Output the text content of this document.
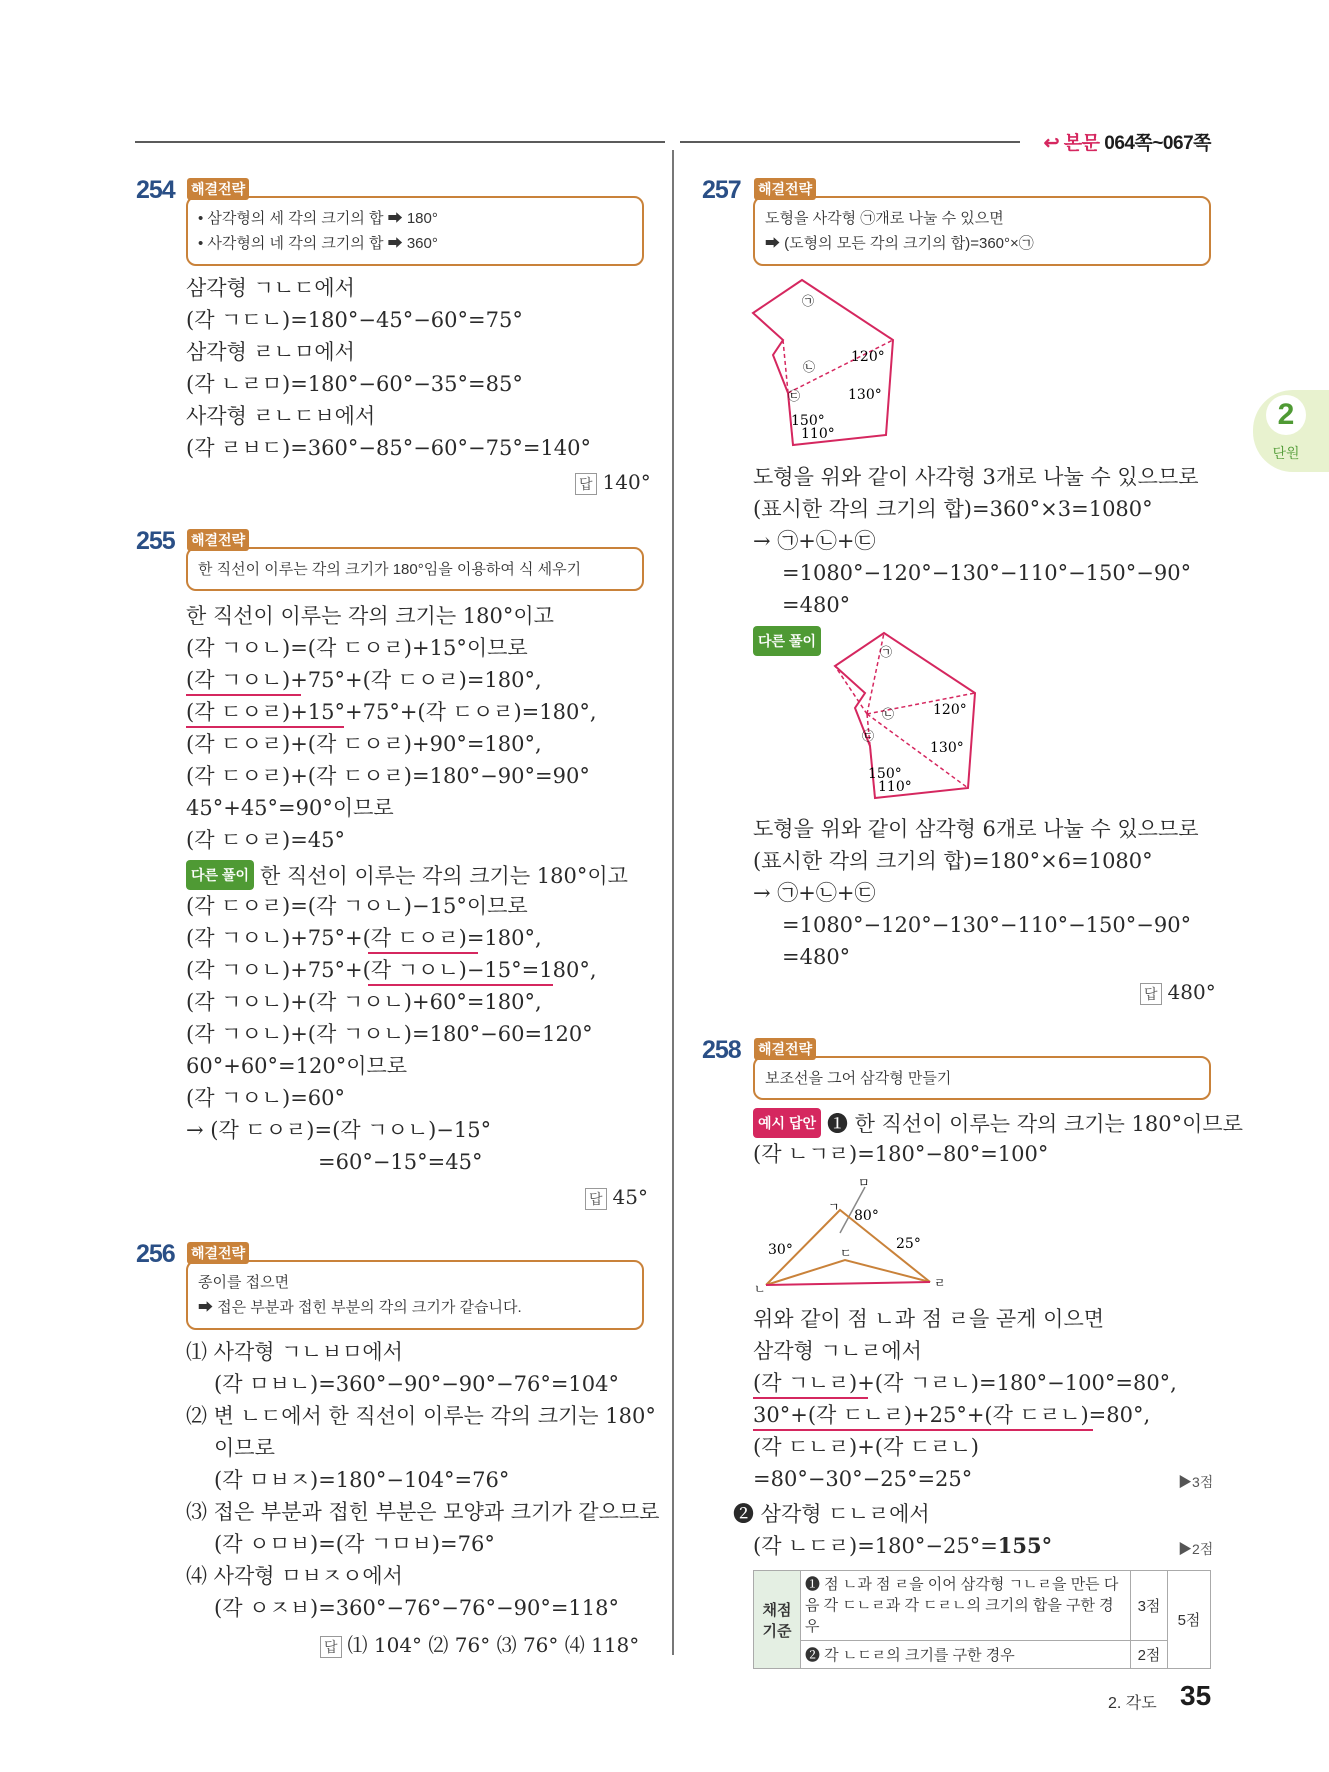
↩ 본문 064쪽~067쪽
2
단원
254 해결전략
• 삼각형의 세 각의 크기의 합 ➡ 180°
• 사각형의 네 각의 크기의 합 ➡ 360°
삼각형 ㄱㄴㄷ에서
(각 ㄱㄷㄴ)=180°−45°−60°=75°
삼각형 ㄹㄴㅁ에서
(각 ㄴㄹㅁ)=180°−60°−35°=85°
사각형 ㄹㄴㄷㅂ에서
(각 ㄹㅂㄷ)=360°−85°−60°−75°=140°
답 140°
255 해결전략
한 직선이 이루는 각의 크기가 180°임을 이용하여 식 세우기
한 직선이 이루는 각의 크기는 180°이고
(각 ㄱㅇㄴ)=(각 ㄷㅇㄹ)+15°이므로
(각 ㄱㅇㄴ)+75°+(각 ㄷㅇㄹ)=180°,
(각 ㄷㅇㄹ)+15°+75°+(각 ㄷㅇㄹ)=180°,
(각 ㄷㅇㄹ)+(각 ㄷㅇㄹ)+90°=180°,
(각 ㄷㅇㄹ)+(각 ㄷㅇㄹ)=180°−90°=90°
45°+45°=90°이므로
(각 ㄷㅇㄹ)=45°
다른 풀이 한 직선이 이루는 각의 크기는 180°이고
(각 ㄷㅇㄹ)=(각 ㄱㅇㄴ)−15°이므로
(각 ㄱㅇㄴ)+75°+(각 ㄷㅇㄹ)=180°,
(각 ㄱㅇㄴ)+75°+(각 ㄱㅇㄴ)−15°=180°,
(각 ㄱㅇㄴ)+(각 ㄱㅇㄴ)+60°=180°,
(각 ㄱㅇㄴ)+(각 ㄱㅇㄴ)=180°−60=120°
60°+60°=120°이므로
(각 ㄱㅇㄴ)=60°
→ (각 ㄷㅇㄹ)=(각 ㄱㅇㄴ)−15°
=60°−15°=45°
답 45°
256 해결전략
종이를 접으면
➡ 접은 부분과 접힌 부분의 각의 크기가 같습니다.
⑴ 사각형 ㄱㄴㅂㅁ에서
(각 ㅁㅂㄴ)=360°−90°−90°−76°=104°
⑵ 변 ㄴㄷ에서 한 직선이 이루는 각의 크기는 180°
이므로
(각 ㅁㅂㅈ)=180°−104°=76°
⑶ 접은 부분과 접힌 부분은 모양과 크기가 같으므로
(각 ㅇㅁㅂ)=(각 ㄱㅁㅂ)=76°
⑷ 사각형 ㅁㅂㅈㅇ에서
(각 ㅇㅈㅂ)=360°−76°−76°−90°=118°
답 ⑴ 104° ⑵ 76° ⑶ 76° ⑷ 118°
257 해결전략
도형을 사각형 ㉠개로 나눌 수 있으면
➡ (도형의 모든 각의 크기의 합)=360°×㉠
㉠
㉡
㉢
120°
130°
150°
110°
도형을 위와 같이 사각형 3개로 나눌 수 있으므로
(표시한 각의 크기의 합)=360°×3=1080°
→ ㉠+㉡+㉢
=1080°−120°−130°−110°−150°−90°
=480°
다른 풀이
㉠
㉡
㉢
120°
130°
150°
110°
도형을 위와 같이 삼각형 6개로 나눌 수 있으므로
(표시한 각의 크기의 합)=180°×6=1080°
→ ㉠+㉡+㉢
=1080°−120°−130°−110°−150°−90°
=480°
답 480°
258 해결전략
보조선을 그어 삼각형 만들기
예시 답안 ❶ 한 직선이 이루는 각의 크기는 180°이므로
(각 ㄴㄱㄹ)=180°−80°=100°
ㅁ
ㄱ
80°
30°	25°
ㄷ
ㄴ	ㄹ
위와 같이 점 ㄴ과 점 ㄹ을 곧게 이으면
삼각형 ㄱㄴㄹ에서
(각 ㄱㄴㄹ)+(각 ㄱㄹㄴ)=180°−100°=80°,
30°+(각 ㄷㄴㄹ)+25°+(각 ㄷㄹㄴ)=80°,
(각 ㄷㄴㄹ)+(각 ㄷㄹㄴ)
=80°−30°−25°=25°	▶3점
❷ 삼각형 ㄷㄴㄹ에서
(각 ㄴㄷㄹ)=180°−25°=155°	▶2점
채점 기준	❶ 점 ㄴ과 점 ㄹ을 이어 삼각형 ㄱㄴㄹ을 만든 다음 각 ㄷㄴㄹ과 각 ㄷㄹㄴ의 크기의 합을 구한 경우	3점	5점
	❷ 각 ㄴㄷㄹ의 크기를 구한 경우	2점	
2. 각도 35
